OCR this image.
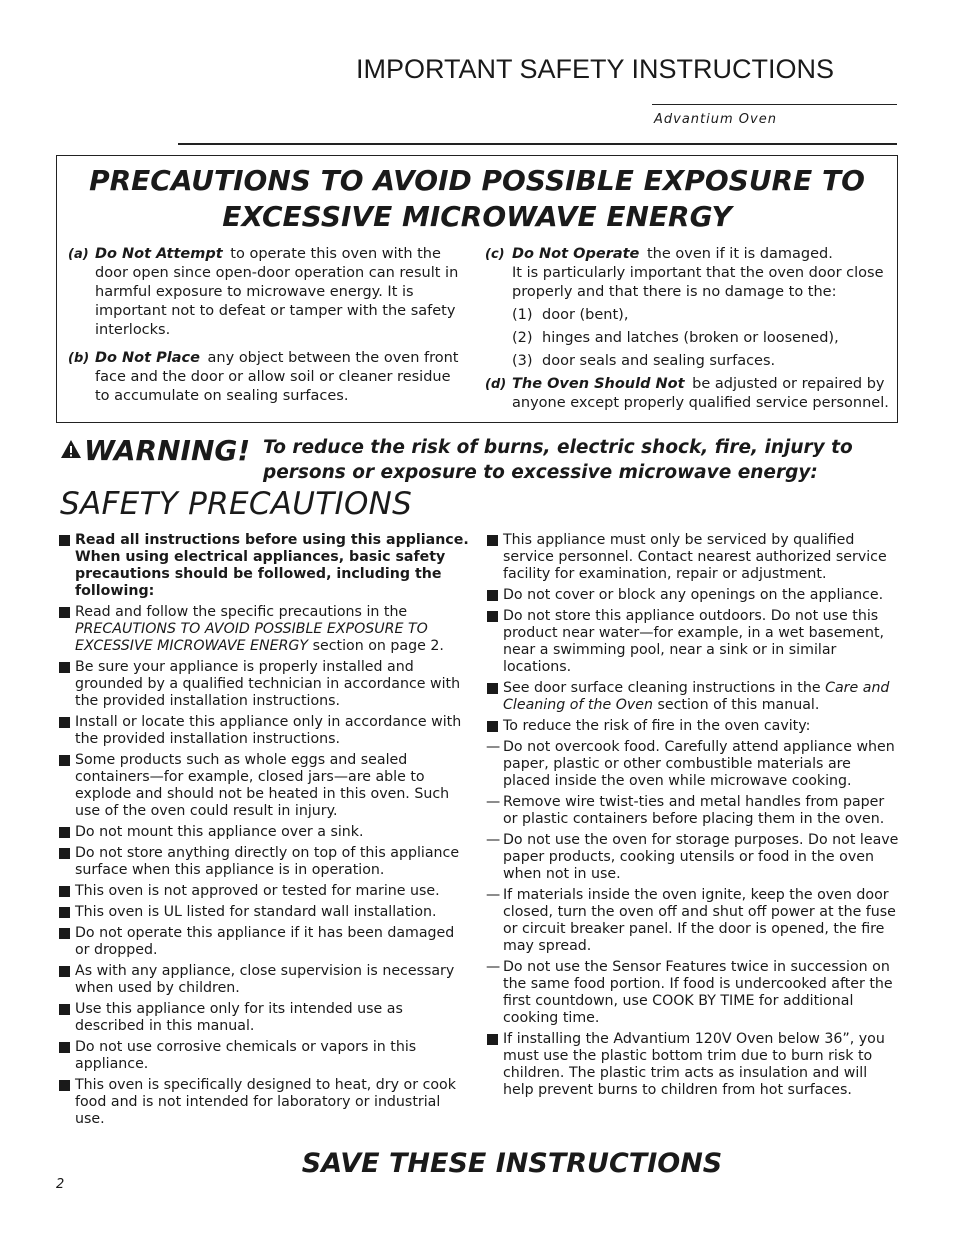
IMPORTANT SAFETY INSTRUCTIONS
Advantium Oven
PRECAUTIONS TO AVOID POSSIBLE EXPOSURE TO
EXCESSIVE MICROWAVE ENERGY
(a) Do Not Attempt to operate this oven with the door open since open-door operation can result in harmful exposure to microwave energy. It is important not to defeat or tamper with the safety interlocks.
(b) Do Not Place any object between the oven front face and the door or allow soil or cleaner residue to accumulate on sealing surfaces.
(c) Do Not Operate the oven if it is damaged.
It is particularly important that the oven door close properly and that there is no damage to the:
(1) door (bent),
(2) hinges and latches (broken or loosened),
(3) door seals and sealing surfaces.
(d) The Oven Should Not be adjusted or repaired by anyone except properly qualified service personnel.
WARNING! To reduce the risk of burns, electric shock, fire, injury to persons or exposure to excessive microwave energy:
SAFETY PRECAUTIONS
Read all instructions before using this appliance. When using electrical appliances, basic safety precautions should be followed, including the following:
Read and follow the specific precautions in the PRECAUTIONS TO AVOID POSSIBLE EXPOSURE TO EXCESSIVE MICROWAVE ENERGY section on page 2.
Be sure your appliance is properly installed and grounded by a qualified technician in accordance with the provided installation instructions.
Install or locate this appliance only in accordance with the provided installation instructions.
Some products such as whole eggs and sealed containers—for example, closed jars—are able to explode and should not be heated in this oven. Such use of the oven could result in injury.
Do not mount this appliance over a sink.
Do not store anything directly on top of this appliance surface when this appliance is in operation.
This oven is not approved or tested for marine use.
This oven is UL listed for standard wall installation.
Do not operate this appliance if it has been damaged or dropped.
As with any appliance, close supervision is necessary when used by children.
Use this appliance only for its intended use as described in this manual.
Do not use corrosive chemicals or vapors in this appliance.
This oven is specifically designed to heat, dry or cook food and is not intended for laboratory or industrial use.
This appliance must only be serviced by qualified service personnel. Contact nearest authorized service facility for examination, repair or adjustment.
Do not cover or block any openings on the appliance.
Do not store this appliance outdoors. Do not use this product near water—for example, in a wet basement, near a swimming pool, near a sink or in similar locations.
See door surface cleaning instructions in the Care and Cleaning of the Oven section of this manual.
To reduce the risk of fire in the oven cavity:
— Do not overcook food. Carefully attend appliance when paper, plastic or other combustible materials are placed inside the oven while microwave cooking.
— Remove wire twist-ties and metal handles from paper or plastic containers before placing them in the oven.
— Do not use the oven for storage purposes. Do not leave paper products, cooking utensils or food in the oven when not in use.
— If materials inside the oven ignite, keep the oven door closed, turn the oven off and shut off power at the fuse or circuit breaker panel. If the door is opened, the fire may spread.
— Do not use the Sensor Features twice in succession on the same food portion. If food is undercooked after the first countdown, use COOK BY TIME for additional cooking time.
If installing the Advantium 120V Oven below 36”, you must use the plastic bottom trim due to burn risk to children. The plastic trim acts as insulation and will help prevent burns to children from hot surfaces.
SAVE THESE INSTRUCTIONS
2
